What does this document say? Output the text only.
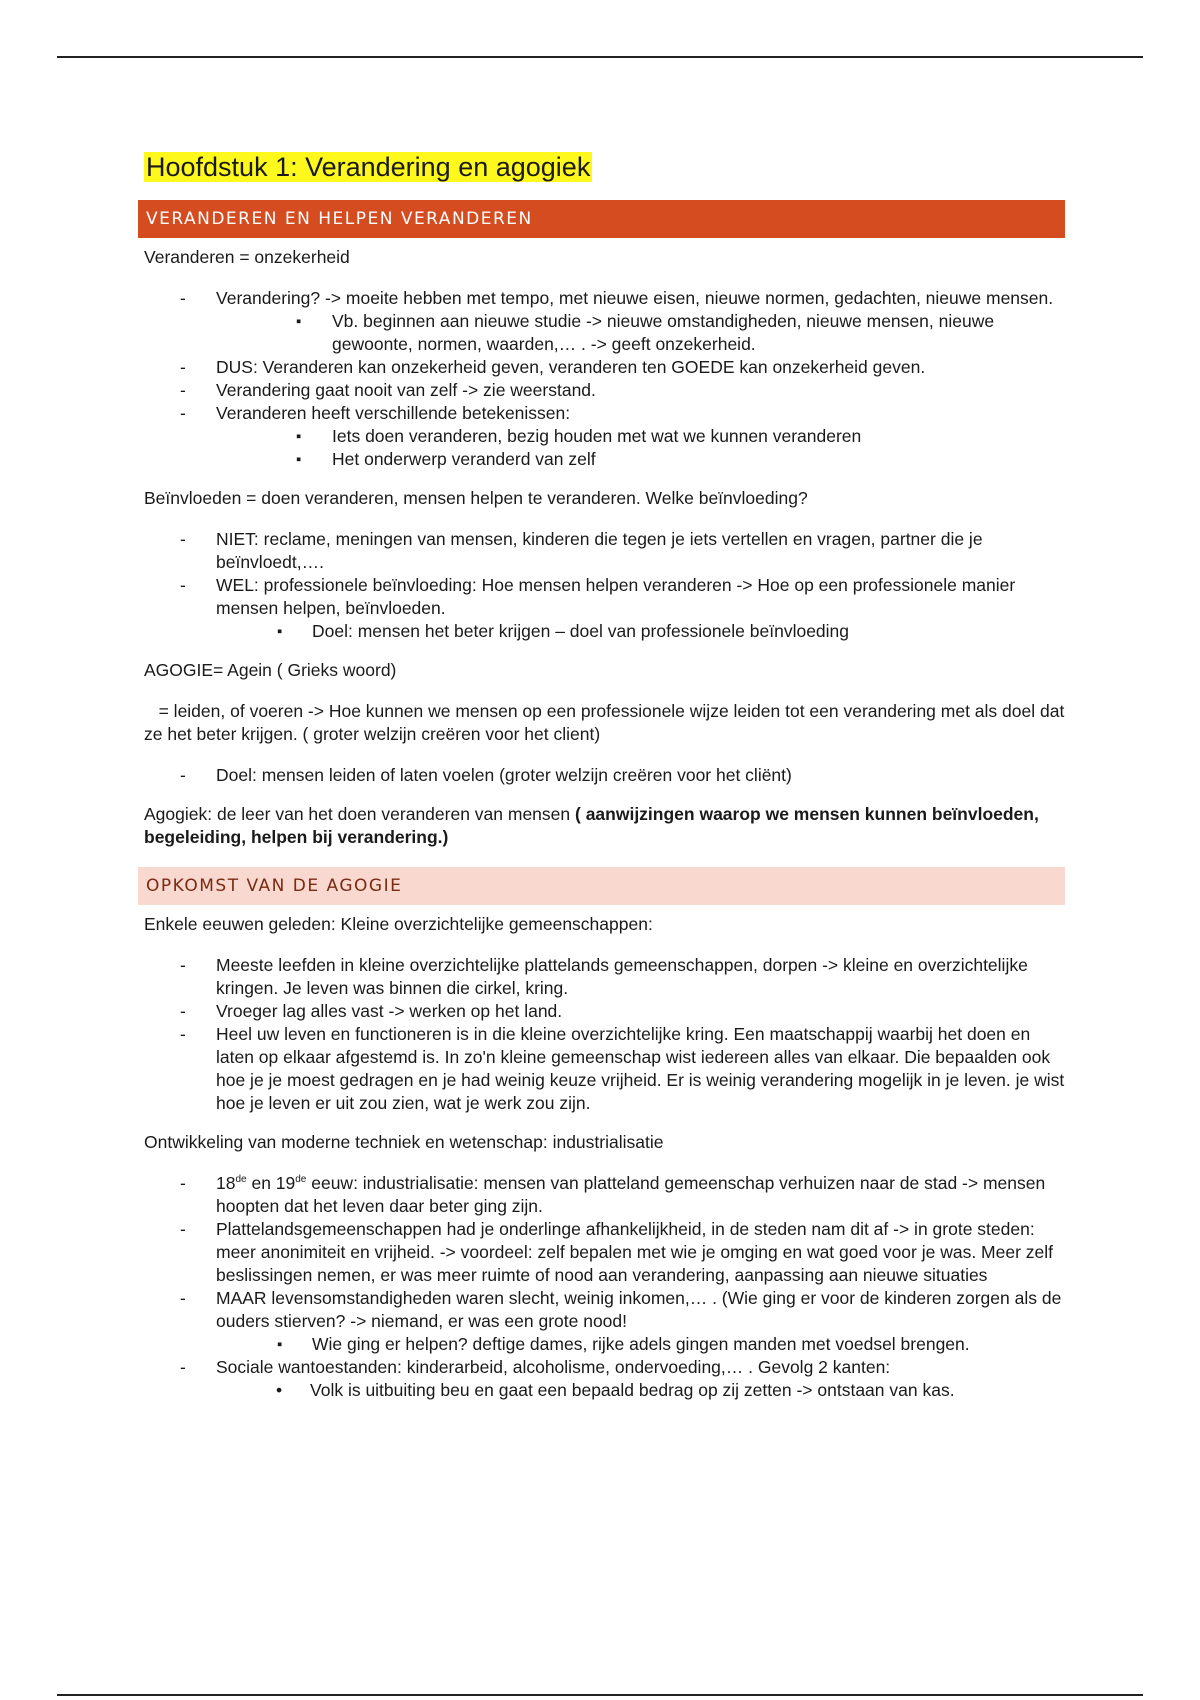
Hoofdstuk 1: Verandering en agogiek
VERANDEREN EN HELPEN VERANDEREN

Veranderen = onzekerheid

- Verandering? -> moeite hebben met tempo, met nieuwe eisen, nieuwe normen, gedachten, nieuwe mensen.
▪ Vb. beginnen aan nieuwe studie -> nieuwe omstandigheden, nieuwe mensen, nieuwe gewoonte, normen, waarden,… . -> geeft onzekerheid.
- DUS: Veranderen kan onzekerheid geven, veranderen ten GOEDE kan onzekerheid geven.
- Verandering gaat nooit van zelf -> zie weerstand.
- Veranderen heeft verschillende betekenissen:
▪ Iets doen veranderen, bezig houden met wat we kunnen veranderen
▪ Het onderwerp veranderd van zelf

Beïnvloeden = doen veranderen, mensen helpen te veranderen. Welke beïnvloeding?

- NIET: reclame, meningen van mensen, kinderen die tegen je iets vertellen en vragen, partner die je beïnvloedt,….
- WEL: professionele beïnvloeding: Hoe mensen helpen veranderen -> Hoe op een professionele manier mensen helpen, beïnvloeden.
▪ Doel: mensen het beter krijgen – doel van professionele beïnvloeding

AGOGIE= Agein ( Grieks woord)

= leiden, of voeren -> Hoe kunnen we mensen op een professionele wijze leiden tot een verandering met als doel dat ze het beter krijgen. ( groter welzijn creëren voor het client)

- Doel: mensen leiden of laten voelen (groter welzijn creëren voor het cliënt)

Agogiek: de leer van het doen veranderen van mensen ( aanwijzingen waarop we mensen kunnen beïnvloeden, begeleiding, helpen bij verandering.)

OPKOMST VAN DE AGOGIE

Enkele eeuwen geleden: Kleine overzichtelijke gemeenschappen:

- Meeste leefden in kleine overzichtelijke plattelands gemeenschappen, dorpen -> kleine en overzichtelijke kringen. Je leven was binnen die cirkel, kring.
- Vroeger lag alles vast -> werken op het land.
- Heel uw leven en functioneren is in die kleine overzichtelijke kring. Een maatschappij waarbij het doen en laten op elkaar afgestemd is. In zo'n kleine gemeenschap wist iedereen alles van elkaar. Die bepaalden ook hoe je je moest gedragen en je had weinig keuze vrijheid. Er is weinig verandering mogelijk in je leven. je wist hoe je leven er uit zou zien, wat je werk zou zijn.

Ontwikkeling van moderne techniek en wetenschap: industrialisatie

- 18de en 19de eeuw: industrialisatie: mensen van platteland gemeenschap verhuizen naar de stad -> mensen hoopten dat het leven daar beter ging zijn.
- Plattelandsgemeenschappen had je onderlinge afhankelijkheid, in de steden nam dit af -> in grote steden: meer anonimiteit en vrijheid. -> voordeel: zelf bepalen met wie je omging en wat goed voor je was. Meer zelf beslissingen nemen, er was meer ruimte of nood aan verandering, aanpassing aan nieuwe situaties
- MAAR levensomstandigheden waren slecht, weinig inkomen,… . (Wie ging er voor de kinderen zorgen als de ouders stierven? -> niemand, er was een grote nood!
▪ Wie ging er helpen? deftige dames, rijke adels gingen manden met voedsel brengen.
- Sociale wantoestanden: kinderarbeid, alcoholisme, ondervoeding,… . Gevolg 2 kanten:
• Volk is uitbuiting beu en gaat een bepaald bedrag op zij zetten -> ontstaan van kas.
